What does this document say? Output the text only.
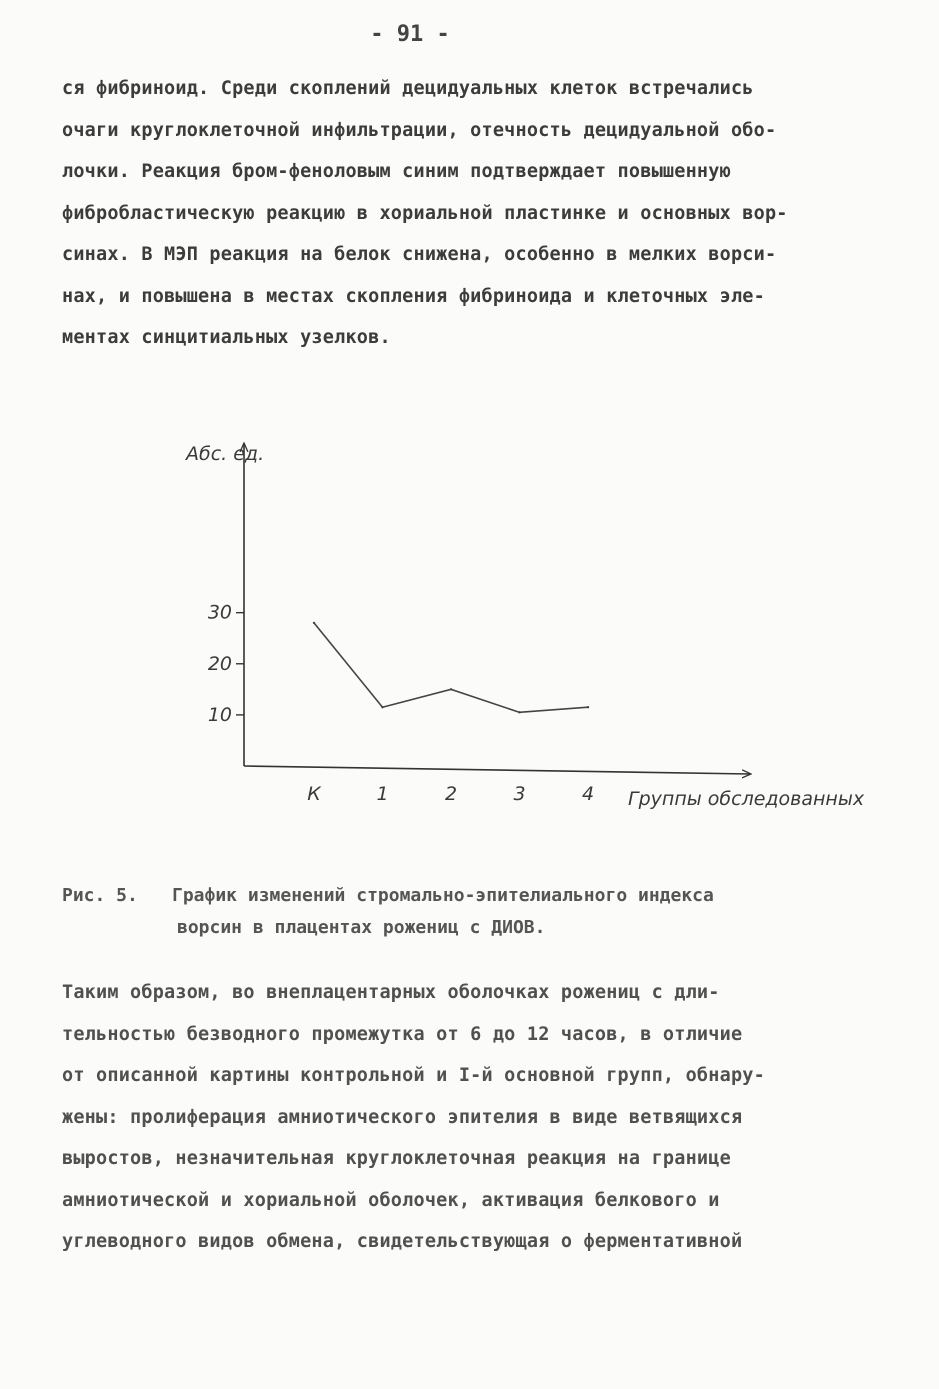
- 91 -
ся фибриноид. Среди скоплений децидуальных клеток встречались
очаги круглоклеточной инфильтрации, отечность децидуальной обо-
лочки. Реакция бром-феноловым синим подтверждает повышенную
фибробластическую реакцию в хориальной пластинке и основных вор-
синах. В МЭП реакция на белок снижена, особенно в мелких ворси-
нах, и повышена в местах скопления фибриноида и клеточных эле-
ментах синцитиальных узелков.
Абс. ед.
Группы обследованных
10
20
30
К	1	2	3	4
Рис. 5. График изменений стромально-эпителиального индекса
ворсин в плацентах рожениц с ДИОВ.
Таким образом, во внеплацентарных оболочках рожениц с дли-
тельностью безводного промежутка от 6 до 12 часов, в отличие
от описанной картины контрольной и I-й основной групп, обнару-
жены: пролиферация амниотического эпителия в виде ветвящихся
выростов, незначительная круглоклеточная реакция на границе
амниотической и хориальной оболочек, активация белкового и
углеводного видов обмена, свидетельствующая о ферментативной
